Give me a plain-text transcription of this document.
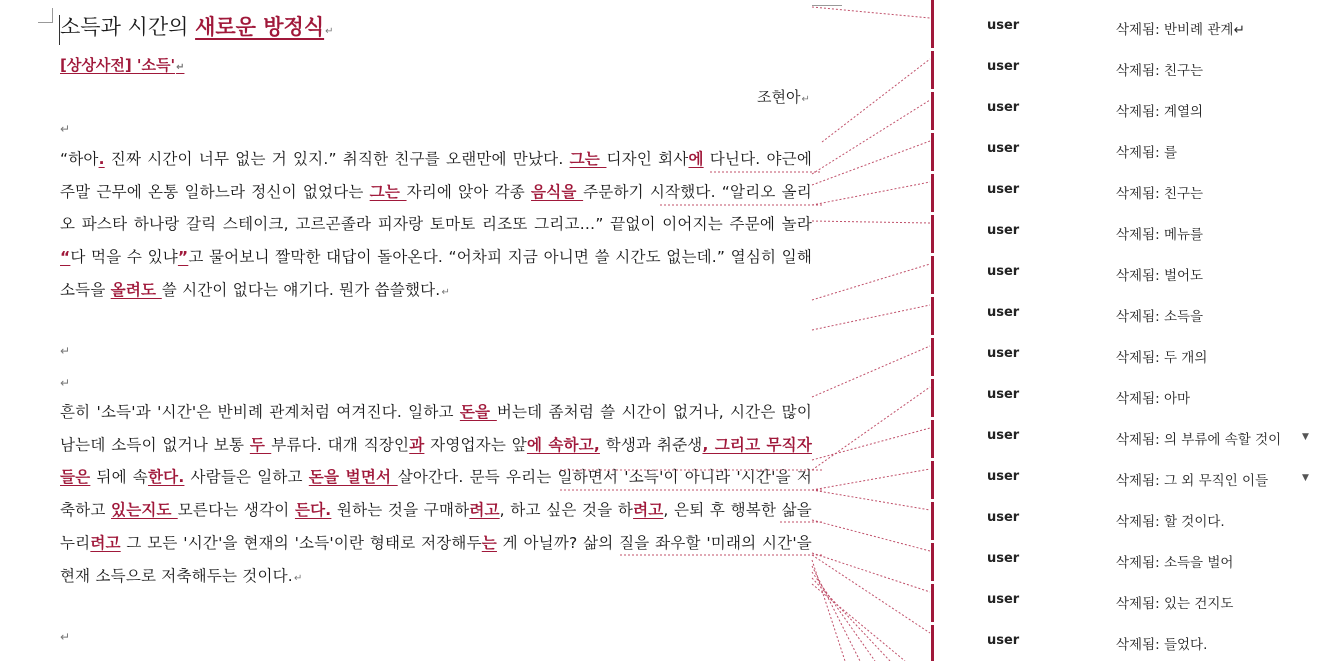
소득과 시간의 새로운 방정식↵
[상상사전] '소득'↵
조현아↵
↵
“하아. 진짜 시간이 너무 없는 거 있지.” 취직한 친구를 오랜만에 만났다. 그는 디자인 회사에 다닌다. 야근에 주말 근무에 온통 일하느라 정신이 없었다는 그는 자리에 앉아 각종 음식을 주문하기 시작했다. “알리오 올리오 파스타 하나랑 갈릭 스테이크, 고르곤졸라 피자랑 토마토 리조또 그리고…” 끝없이 이어지는 주문에 놀라 “다 먹을 수 있냐”고 물어보니 짤막한 대답이 돌아온다. “어차피 지금 아니면 쓸 시간도 없는데.” 열심히 일해 소득을 올려도 쓸 시간이 없다는 얘기다. 뭔가 씁쓸했다.↵
↵
↵
흔히 '소득'과 '시간'은 반비례 관계처럼 여겨진다. 일하고 돈을 버는데 좀처럼 쓸 시간이 없거나, 시간은 많이 남는데 소득이 없거나 보통 두 부류다. 대개 직장인과 자영업자는 앞에 속하고, 학생과 취준생, 그리고 무직자들은 뒤에 속한다. 사람들은 일하고 돈을 벌면서 살아간다. 문득 우리는 일하면서 '소득'이 아니라 '시간'을 저축하고 있는지도 모른다는 생각이 든다. 원하는 것을 구매하려고, 하고 싶은 것을 하려고, 은퇴 후 행복한 삶을 누리려고 그 모든 '시간'을 현재의 '소득'이란 형태로 저장해두는 게 아닐까? 삶의 질을 좌우할 '미래의 시간'을 현재 소득으로 저축해두는 것이다.↵
↵
user	삭제됨: 반비례 관계↵
user	삭제됨: 친구는
user	삭제됨: 계열의
user	삭제됨: 를
user	삭제됨: 친구는
user	삭제됨: 메뉴를
user	삭제됨: 벌어도
user	삭제됨: 소득을
user	삭제됨: 두 개의
user	삭제됨: 아마
user	삭제됨: 의 부류에 속할 것이	▼
user	삭제됨: 그 외 무직인 이들	▼
user	삭제됨: 할 것이다.
user	삭제됨: 소득을 벌어
user	삭제됨: 있는 건지도
user	삭제됨: 들었다.
